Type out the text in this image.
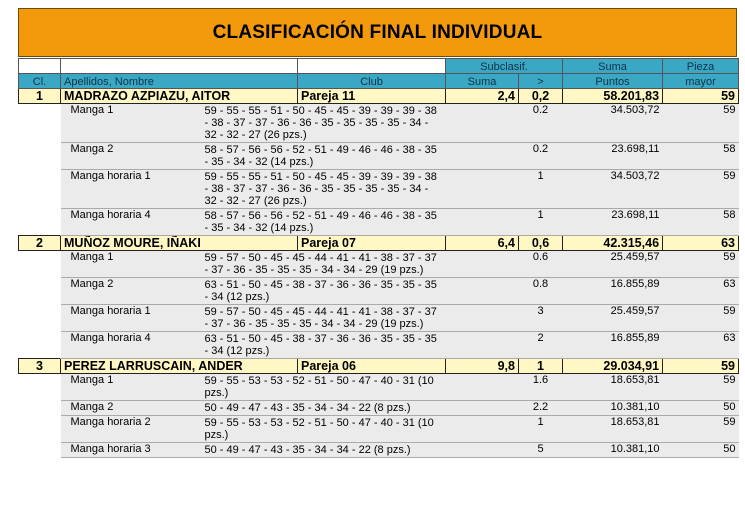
CLASIFICACIÓN FINAL INDIVIDUAL
			Subclasif.		Suma	Pieza
Cl.	Apellidos, Nombre	Club	Suma	>	Puntos	mayor
1	MADRAZO AZPIAZU, AITOR	Pareja 11	2,4	0,2	58.201,83	59

	Manga 1 59 - 55 - 55 - 51 - 50 - 45 - 45 - 39 - 39 - 39 - 38 - 38 - 37 - 37 - 36 - 36 - 35 - 35 - 35 - 35 - 34 - 32 - 32 - 27 (26 pzs.)			0.2	34.503,72	59

	Manga 2 58 - 57 - 56 - 56 - 52 - 51 - 49 - 46 - 46 - 38 - 35 - 35 - 34 - 32 (14 pzs.)			0.2	23.698,11	58

	Manga horaria 1 59 - 55 - 55 - 51 - 50 - 45 - 45 - 39 - 39 - 39 - 38 - 38 - 37 - 37 - 36 - 36 - 35 - 35 - 35 - 35 - 34 - 32 - 32 - 27 (26 pzs.)			1	34.503,72	59

	Manga horaria 4 58 - 57 - 56 - 56 - 52 - 51 - 49 - 46 - 46 - 38 - 35 - 35 - 34 - 32 (14 pzs.)			1	23.698,11	58
2	MUÑOZ MOURE, IÑAKI	Pareja 07	6,4	0,6	42.315,46	63

	Manga 1 59 - 57 - 50 - 45 - 45 - 44 - 41 - 41 - 38 - 37 - 37 - 37 - 36 - 35 - 35 - 35 - 34 - 34 - 29 (19 pzs.)			0.6	25.459,57	59

	Manga 2 63 - 51 - 50 - 45 - 38 - 37 - 36 - 36 - 35 - 35 - 35 - 34 (12 pzs.)			0.8	16.855,89	63

	Manga horaria 1 59 - 57 - 50 - 45 - 45 - 44 - 41 - 41 - 38 - 37 - 37 - 37 - 36 - 35 - 35 - 35 - 34 - 34 - 29 (19 pzs.)			3	25.459,57	59

	Manga horaria 4 63 - 51 - 50 - 45 - 38 - 37 - 36 - 36 - 35 - 35 - 35 - 34 (12 pzs.)			2	16.855,89	63
3	PEREZ LARRUSCAIN, ANDER	Pareja 06	9,8	1	29.034,91	59

	Manga 1 59 - 55 - 53 - 53 - 52 - 51 - 50 - 47 - 40 - 31 (10 pzs.)			1.6	18.653,81	59

	Manga 2 50 - 49 - 47 - 43 - 35 - 34 - 34 - 22 (8 pzs.)			2.2	10.381,10	50

	Manga horaria 2 59 - 55 - 53 - 53 - 52 - 51 - 50 - 47 - 40 - 31 (10 pzs.)			1	18.653,81	59

	Manga horaria 3 50 - 49 - 47 - 43 - 35 - 34 - 34 - 22 (8 pzs.)			5	10.381,10	50
